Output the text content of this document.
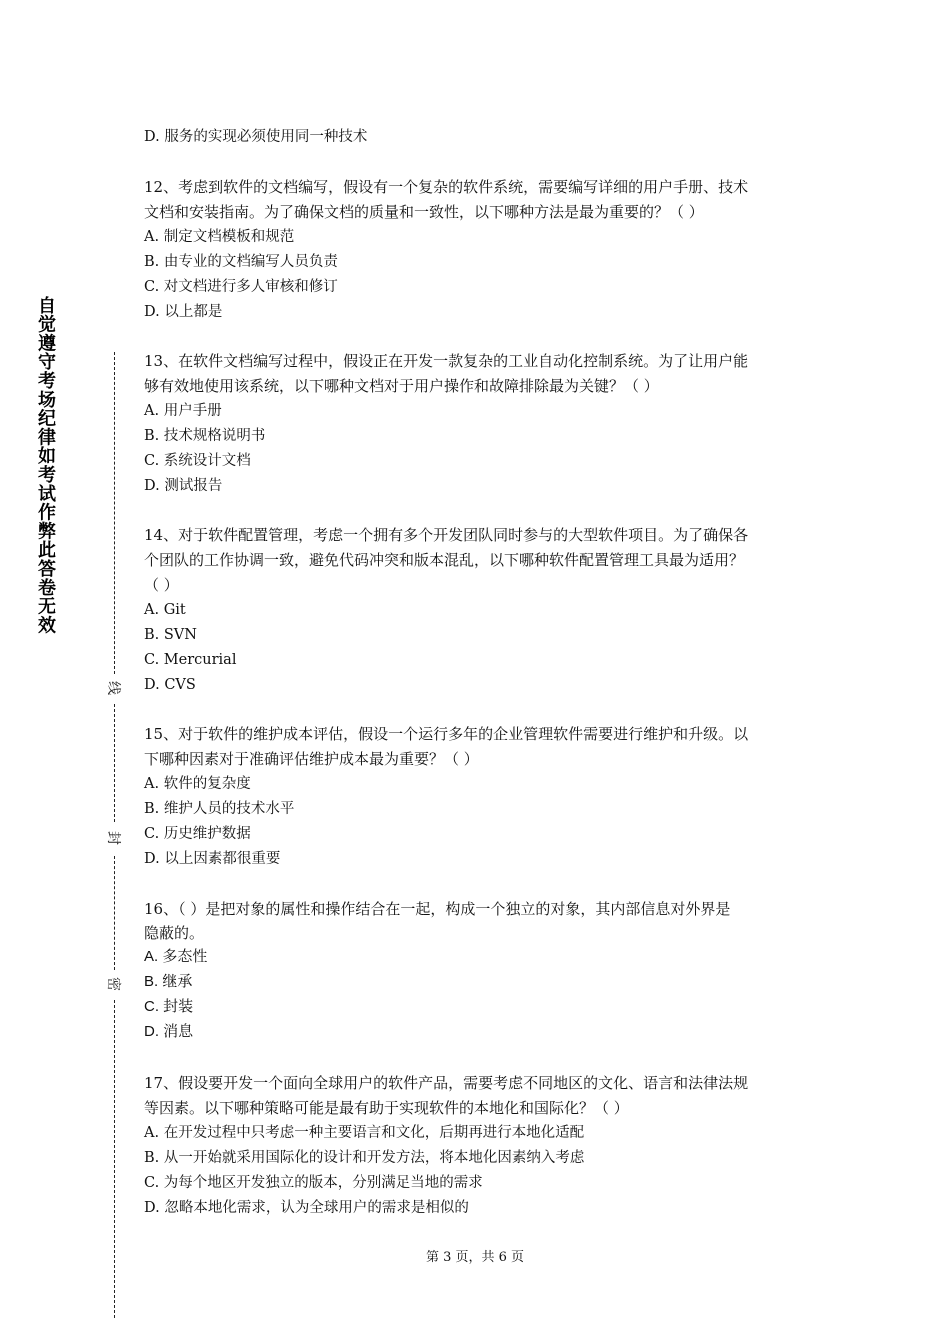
自觉遵守考场纪律如考试作弊此答卷无效
线
封
密
D. 服务的实现必须使用同一种技术
12、考虑到软件的文档编写，假设有一个复杂的软件系统，需要编写详细的用户手册、技术
文档和安装指南。为了确保文档的质量和一致性，以下哪种方法是最为重要的？（ ）
A. 制定文档模板和规范
B. 由专业的文档编写人员负责
C. 对文档进行多人审核和修订
D. 以上都是
13、在软件文档编写过程中，假设正在开发一款复杂的工业自动化控制系统。为了让用户能
够有效地使用该系统，以下哪种文档对于用户操作和故障排除最为关键？（ ）
A. 用户手册
B. 技术规格说明书
C. 系统设计文档
D. 测试报告
14、对于软件配置管理，考虑一个拥有多个开发团队同时参与的大型软件项目。为了确保各
个团队的工作协调一致，避免代码冲突和版本混乱，以下哪种软件配置管理工具最为适用？
（ ）
A. Git
B. SVN
C. Mercurial
D. CVS
15、对于软件的维护成本评估，假设一个运行多年的企业管理软件需要进行维护和升级。以
下哪种因素对于准确评估维护成本最为重要？（ ）
A. 软件的复杂度
B. 维护人员的技术水平
C. 历史维护数据
D. 以上因素都很重要
16、（ ）是把对象的属性和操作结合在一起，构成一个独立的对象，其内部信息对外界是
隐蔽的。
A. 多态性
B. 继承
C. 封装
D. 消息
17、假设要开发一个面向全球用户的软件产品，需要考虑不同地区的文化、语言和法律法规
等因素。以下哪种策略可能是最有助于实现软件的本地化和国际化？（ ）
A. 在开发过程中只考虑一种主要语言和文化，后期再进行本地化适配
B. 从一开始就采用国际化的设计和开发方法，将本地化因素纳入考虑
C. 为每个地区开发独立的版本，分别满足当地的需求
D. 忽略本地化需求，认为全球用户的需求是相似的
第 3 页，共 6 页
